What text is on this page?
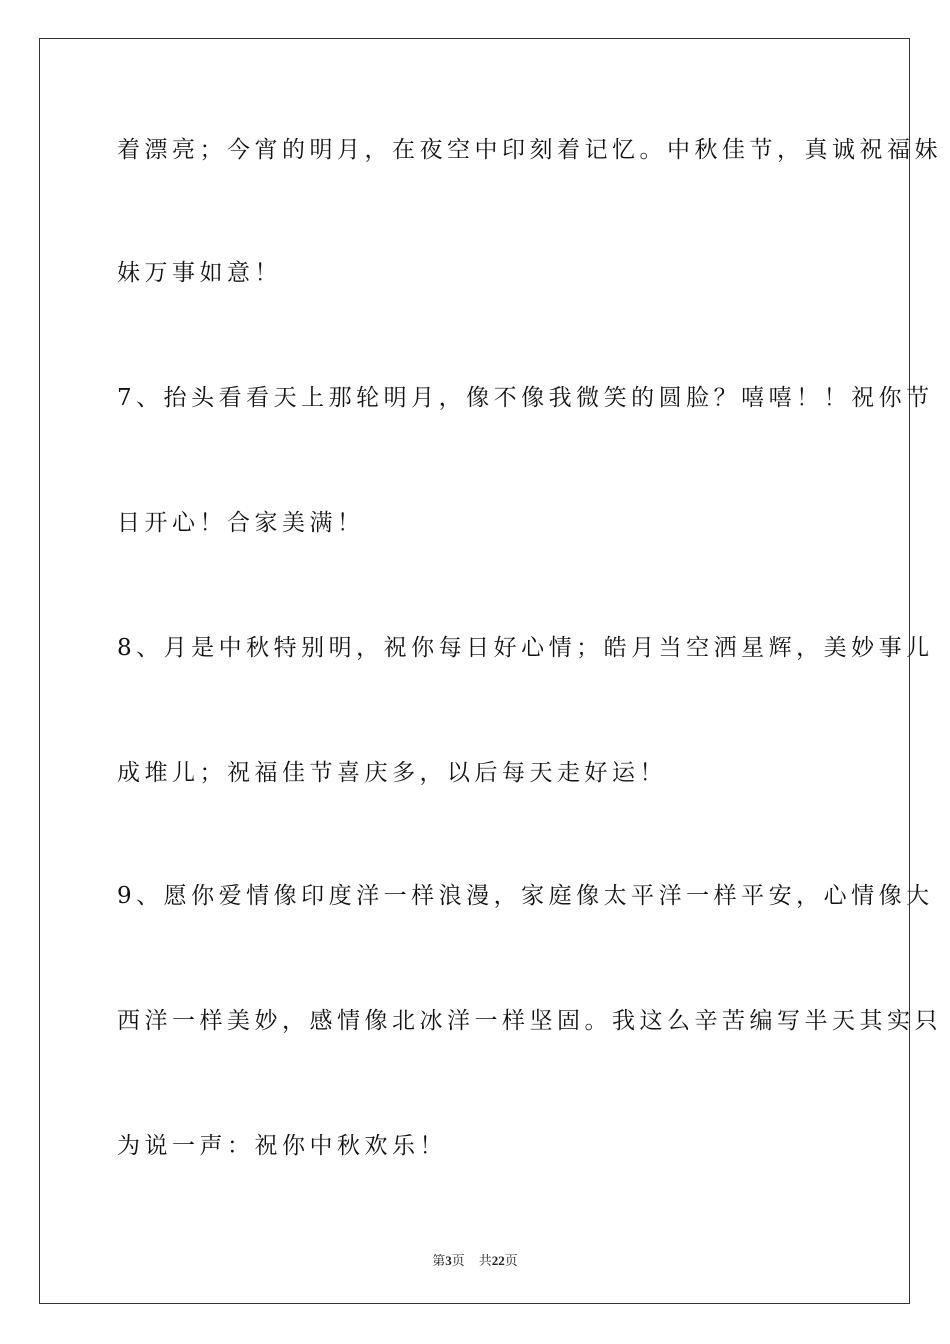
着漂亮；今宵的明月，在夜空中印刻着记忆。中秋佳节，真诚祝福妹
妹万事如意！
7、抬头看看天上那轮明月，像不像我微笑的圆脸？嘻嘻！！祝你节
日开心！合家美满！
8、月是中秋特别明，祝你每日好心情；皓月当空洒星辉，美妙事儿
成堆儿；祝福佳节喜庆多，以后每天走好运！
9、愿你爱情像印度洋一样浪漫，家庭像太平洋一样平安，心情像大
西洋一样美妙，感情像北冰洋一样坚固。我这么辛苦编写半天其实只
为说一声：祝你中秋欢乐！
第3页 共22页
